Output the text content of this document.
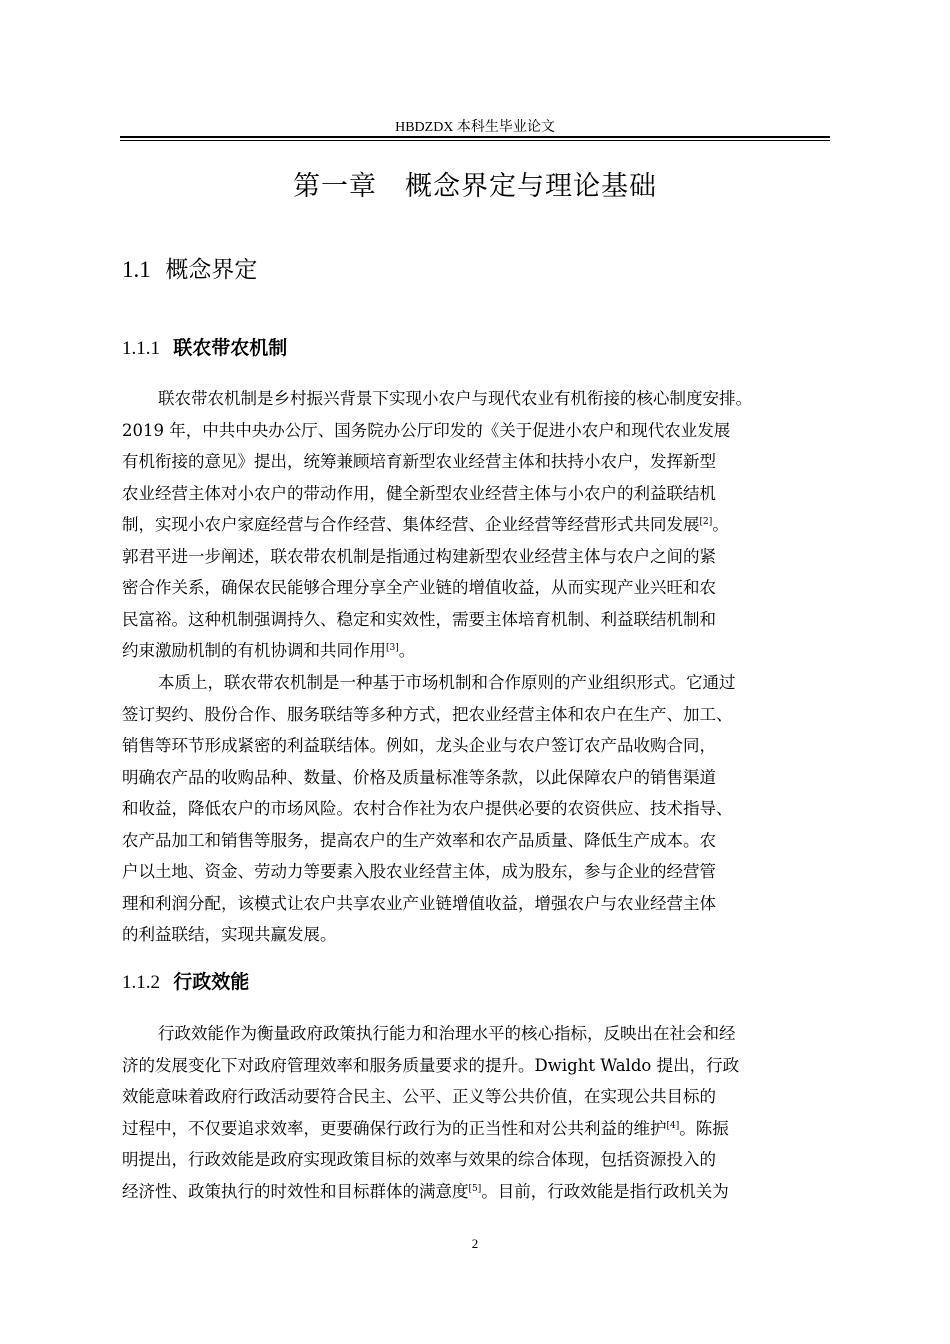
HBDZDX 本科生毕业论文
第一章　概念界定与理论基础
1.1 概念界定
1.1.1 联农带农机制
联农带农机制是乡村振兴背景下实现小农户与现代农业有机衔接的核心制度安排。
2019 年，中共中央办公厅、国务院办公厅印发的《关于促进小农户和现代农业发展
有机衔接的意见》提出，统筹兼顾培育新型农业经营主体和扶持小农户，发挥新型
农业经营主体对小农户的带动作用，健全新型农业经营主体与小农户的利益联结机
制，实现小农户家庭经营与合作经营、集体经营、企业经营等经营形式共同发展[2]。
郭君平进一步阐述，联农带农机制是指通过构建新型农业经营主体与农户之间的紧
密合作关系，确保农民能够合理分享全产业链的增值收益，从而实现产业兴旺和农
民富裕。这种机制强调持久、稳定和实效性，需要主体培育机制、利益联结机制和
约束激励机制的有机协调和共同作用[3]。
本质上，联农带农机制是一种基于市场机制和合作原则的产业组织形式。它通过
签订契约、股份合作、服务联结等多种方式，把农业经营主体和农户在生产、加工、
销售等环节形成紧密的利益联结体。例如，龙头企业与农户签订农产品收购合同，
明确农产品的收购品种、数量、价格及质量标准等条款，以此保障农户的销售渠道
和收益，降低农户的市场风险。农村合作社为农户提供必要的农资供应、技术指导、
农产品加工和销售等服务，提高农户的生产效率和农产品质量、降低生产成本。农
户以土地、资金、劳动力等要素入股农业经营主体，成为股东，参与企业的经营管
理和利润分配，该模式让农户共享农业产业链增值收益，增强农户与农业经营主体
的利益联结，实现共赢发展。
1.1.2 行政效能
行政效能作为衡量政府政策执行能力和治理水平的核心指标，反映出在社会和经
济的发展变化下对政府管理效率和服务质量要求的提升。Dwight Waldo 提出，行政
效能意味着政府行政活动要符合民主、公平、正义等公共价值，在实现公共目标的
过程中，不仅要追求效率，更要确保行政行为的正当性和对公共利益的维护[4]。陈振
明提出，行政效能是政府实现政策目标的效率与效果的综合体现，包括资源投入的
经济性、政策执行的时效性和目标群体的满意度[5]。目前，行政效能是指行政机关为
2
